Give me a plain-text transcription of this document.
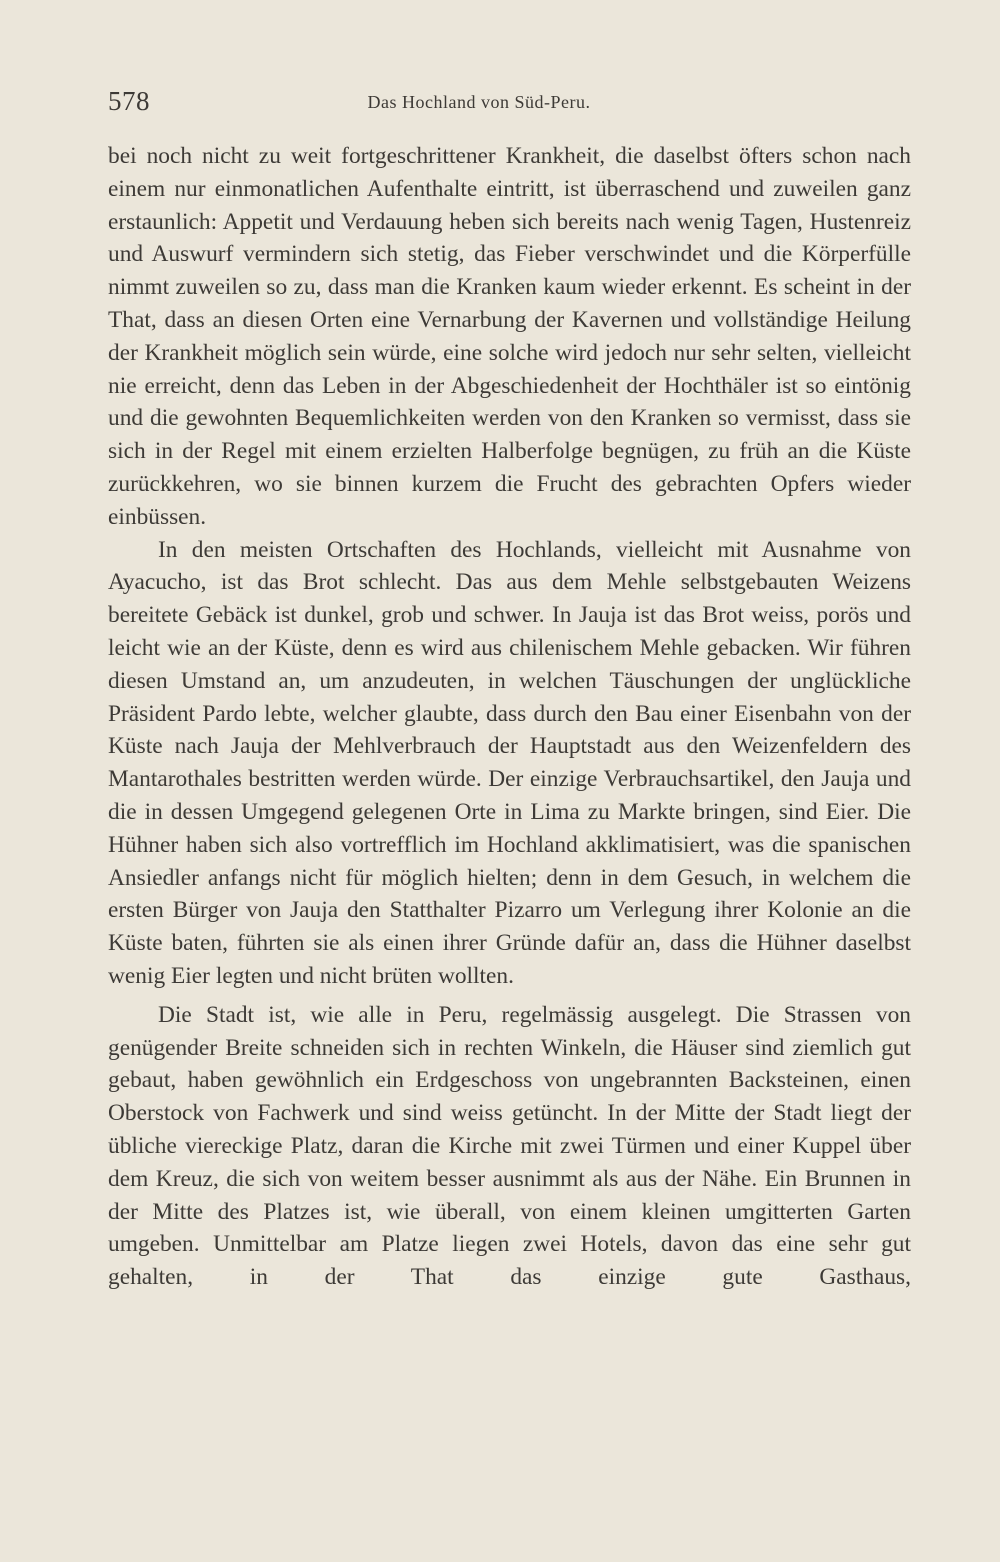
578	Das Hochland von Süd-Peru.

bei noch nicht zu weit fortgeschrittener Krankheit, die daselbst öfters schon nach einem nur einmonatlichen Aufenthalte eintritt, ist überraschend und zuweilen ganz erstaunlich: Appetit und Verdauung heben sich bereits nach wenig Tagen, Hustenreiz und Auswurf vermindern sich stetig, das Fieber verschwindet und die Körperfülle nimmt zuweilen so zu, dass man die Kranken kaum wieder erkennt. Es scheint in der That, dass an diesen Orten eine Vernarbung der Kavernen und vollständige Heilung der Krankheit möglich sein würde, eine solche wird jedoch nur sehr selten, vielleicht nie erreicht, denn das Leben in der Abgeschiedenheit der Hochthäler ist so eintönig und die gewohnten Bequemlichkeiten werden von den Kranken so vermisst, dass sie sich in der Regel mit einem erzielten Halberfolge begnügen, zu früh an die Küste zurückkehren, wo sie binnen kurzem die Frucht des gebrachten Opfers wieder einbüssen.

In den meisten Ortschaften des Hochlands, vielleicht mit Ausnahme von Ayacucho, ist das Brot schlecht. Das aus dem Mehle selbstgebauten Weizens bereitete Gebäck ist dunkel, grob und schwer. In Jauja ist das Brot weiss, porös und leicht wie an der Küste, denn es wird aus chilenischem Mehle gebacken. Wir führen diesen Umstand an, um anzudeuten, in welchen Täuschungen der unglückliche Präsident Pardo lebte, welcher glaubte, dass durch den Bau einer Eisenbahn von der Küste nach Jauja der Mehlverbrauch der Hauptstadt aus den Weizenfeldern des Mantarothales bestritten werden würde. Der einzige Verbrauchsartikel, den Jauja und die in dessen Umgegend gelegenen Orte in Lima zu Markte bringen, sind Eier. Die Hühner haben sich also vortrefflich im Hochland akklimatisiert, was die spanischen Ansiedler anfangs nicht für möglich hielten; denn in dem Gesuch, in welchem die ersten Bürger von Jauja den Statthalter Pizarro um Verlegung ihrer Kolonie an die Küste baten, führten sie als einen ihrer Gründe dafür an, dass die Hühner daselbst wenig Eier legten und nicht brüten wollten.

Die Stadt ist, wie alle in Peru, regelmässig ausgelegt. Die Strassen von genügender Breite schneiden sich in rechten Winkeln, die Häuser sind ziemlich gut gebaut, haben gewöhnlich ein Erdgeschoss von ungebrannten Backsteinen, einen Oberstock von Fachwerk und sind weiss getüncht. In der Mitte der Stadt liegt der übliche viereckige Platz, daran die Kirche mit zwei Türmen und einer Kuppel über dem Kreuz, die sich von weitem besser ausnimmt als aus der Nähe. Ein Brunnen in der Mitte des Platzes ist, wie überall, von einem kleinen umgitterten Garten umgeben. Unmittelbar am Platze liegen zwei Hotels, davon das eine sehr gut gehalten, in der That das einzige gute Gasthaus,
